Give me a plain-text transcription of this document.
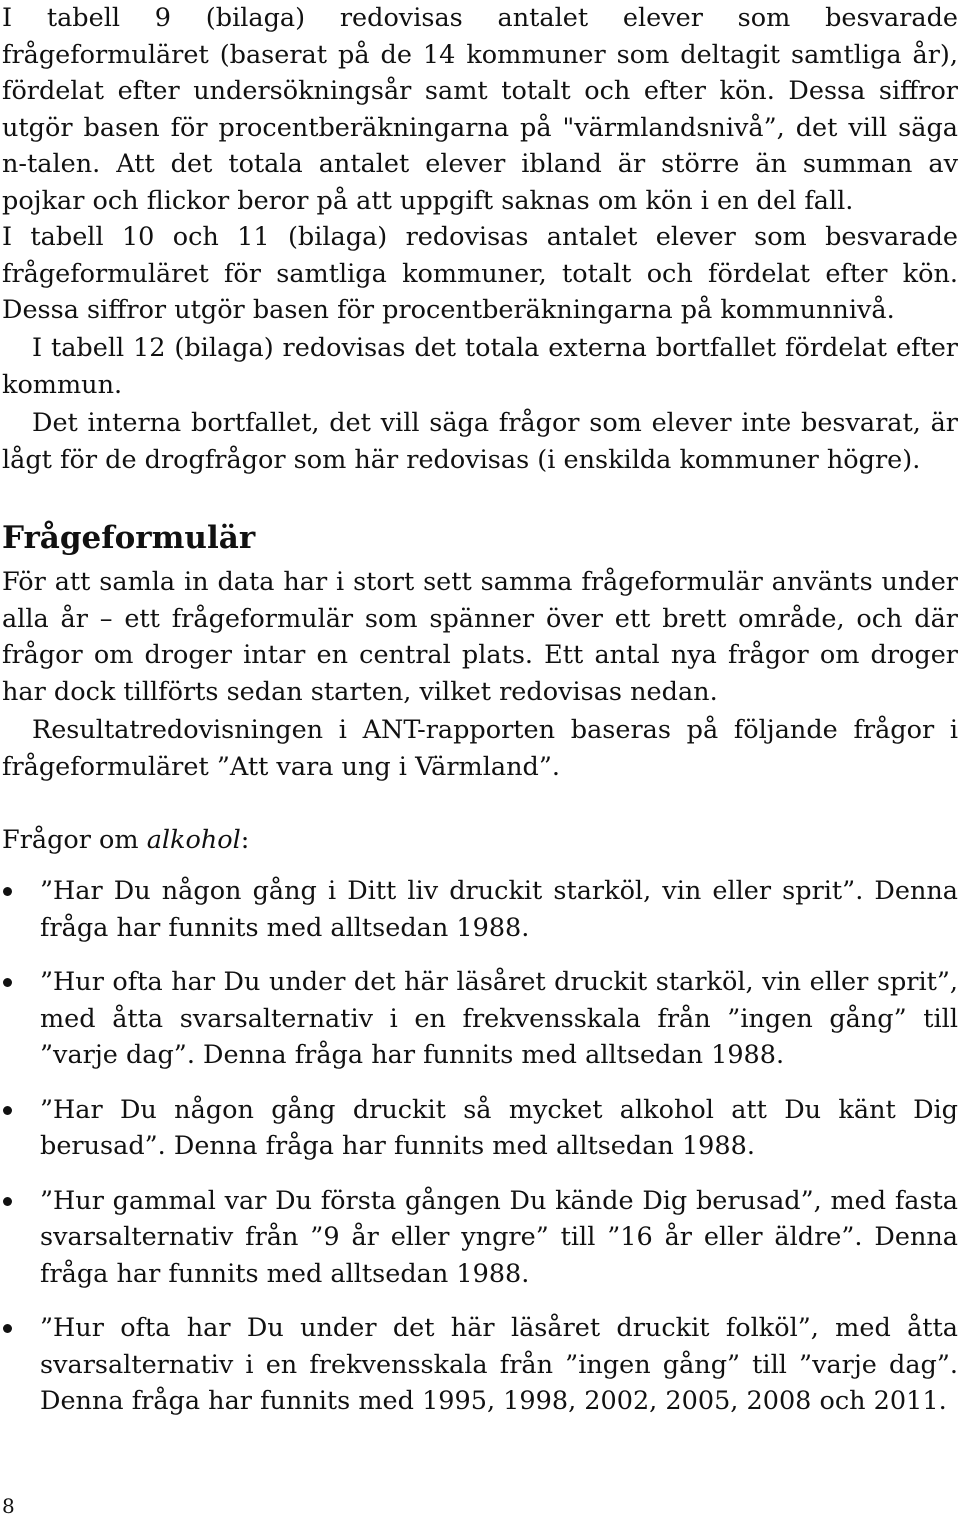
I tabell 9 (bilaga) redovisas antalet elever som besvarade frågeformuläret (baserat på de 14 kommuner som deltagit samtliga år), fördelat efter undersökningsår samt totalt och efter kön. Dessa siffror utgör basen för procentberäkningarna på "värmlandsnivå”, det vill säga n-talen. Att det totala antalet elever ibland är större än summan av pojkar och flickor beror på att uppgift saknas om kön i en del fall.

I tabell 10 och 11 (bilaga) redovisas antalet elever som besvarade frågeformuläret för samtliga kommuner, totalt och fördelat efter kön. Dessa siffror utgör basen för procentberäkningarna på kommunnivå.

I tabell 12 (bilaga) redovisas det totala externa bortfallet fördelat efter kommun.

Det interna bortfallet, det vill säga frågor som elever inte besvarat, är lågt för de drogfrågor som här redovisas (i enskilda kommuner högre).

Frågeformulär

För att samla in data har i stort sett samma frågeformulär använts under alla år – ett frågeformulär som spänner över ett brett område, och där frågor om droger intar en central plats. Ett antal nya frågor om droger har dock tillförts sedan starten, vilket redovisas nedan.

Resultatredovisningen i ANT-rapporten baseras på följande frågor i frågeformuläret ”Att vara ung i Värmland”.

Frågor om alkohol:

”Har Du någon gång i Ditt liv druckit starköl, vin eller sprit”. Denna fråga har funnits med alltsedan 1988.
”Hur ofta har Du under det här läsåret druckit starköl, vin eller sprit”, med åtta svarsalternativ i en frekvensskala från ”ingen gång” till ”varje dag”. Denna fråga har funnits med alltsedan 1988.
”Har Du någon gång druckit så mycket alkohol att Du känt Dig berusad”. Denna fråga har funnits med alltsedan 1988.
”Hur gammal var Du första gången Du kände Dig berusad”, med fasta svarsalternativ från ”9 år eller yngre” till ”16 år eller äldre”. Denna fråga har funnits med alltsedan 1988.
”Hur ofta har Du under det här läsåret druckit folköl”, med åtta svarsalternativ i en frekvensskala från ”ingen gång” till ”varje dag”. Denna fråga har funnits med 1995, 1998, 2002, 2005, 2008 och 2011.

8
